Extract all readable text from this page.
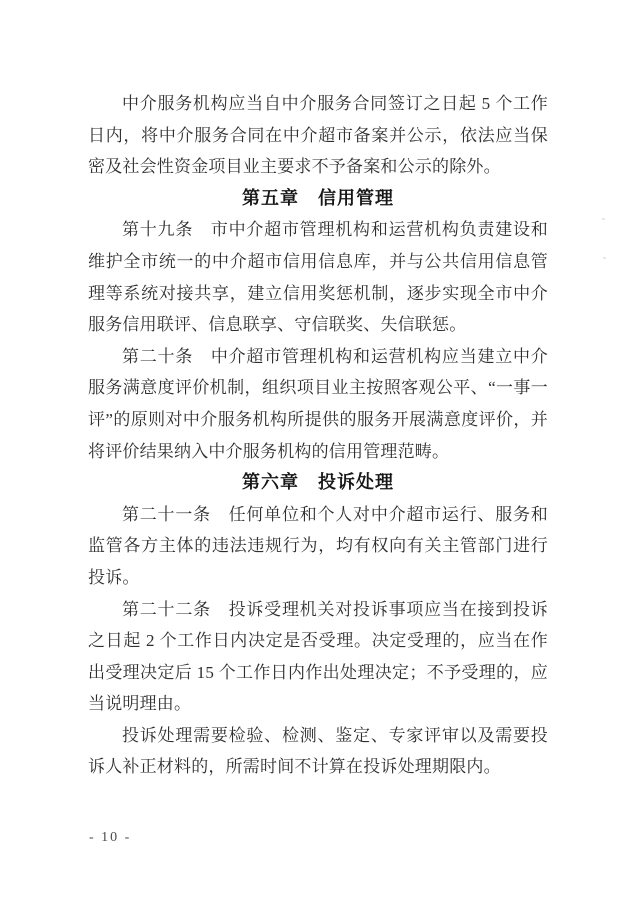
中介服务机构应当自中介服务合同签订之日起 5 个工作日内，将中介服务合同在中介超市备案并公示，依法应当保密及社会性资金项目业主要求不予备案和公示的除外。

第五章　信用管理

第十九条　市中介超市管理机构和运营机构负责建设和维护全市统一的中介超市信用信息库，并与公共信用信息管理等系统对接共享，建立信用奖惩机制，逐步实现全市中介服务信用联评、信息联享、守信联奖、失信联惩。

第二十条　中介超市管理机构和运营机构应当建立中介服务满意度评价机制，组织项目业主按照客观公平、“一事一评”的原则对中介服务机构所提供的服务开展满意度评价，并将评价结果纳入中介服务机构的信用管理范畴。

第六章　投诉处理

第二十一条　任何单位和个人对中介超市运行、服务和监管各方主体的违法违规行为，均有权向有关主管部门进行投诉。

第二十二条　投诉受理机关对投诉事项应当在接到投诉之日起 2 个工作日内决定是否受理。决定受理的，应当在作出受理决定后 15 个工作日内作出处理决定；不予受理的，应当说明理由。

投诉处理需要检验、检测、鉴定、专家评审以及需要投诉人补正材料的，所需时间不计算在投诉处理期限内。

- 10 -
